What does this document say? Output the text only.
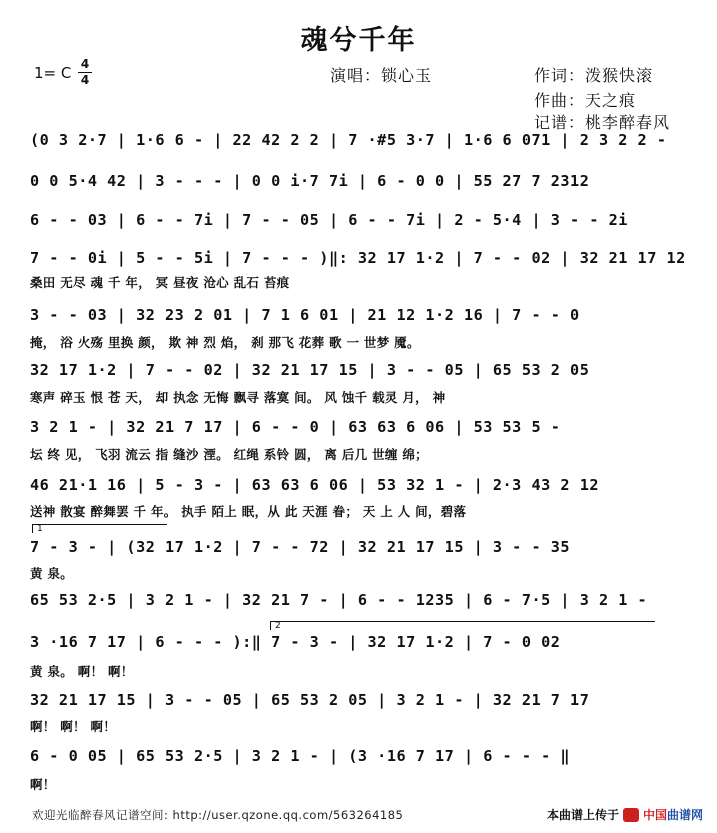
魂兮千年
1= C 4
4	演唱：锁心玉	作词：泼猴快滚
作曲：天之痕
记谱：桃李醉春风
(0 3 2·7 | 1·6 6 - | 22 42 2 2 | 7 ·#5 3·7 | 1·6 6 071 | 2 3 2 2 -
0 0 5·4 42 | 3 - - - | 0 0 i·7 7i | 6 - 0 0 | 55 27 7 2312
6 - - 03 | 6 - - 7i | 7 - - 05 | 6 - - 7i | 2 - 5·4 | 3 - - 2i
7 - - 0i | 5 - - 5i | 7 - - - )‖: 32 17 1·2 | 7 - - 02 | 32 21 17 12
桑田 无尽 魂 千 年， 冥 昼夜 沧心 乱石 苔痕
3 - - 03 | 32 23 2 01 | 7 1 6 01 | 21 12 1·2 16 | 7 - - 0
掩， 浴 火殇 里换 颜， 欺 神 烈 焰， 刹 那飞 花葬 歌 一 世梦 魇。
32 17 1·2 | 7 - - 02 | 32 21 17 15 | 3 - - 05 | 65 53 2 05
寒声 碎玉 恨 苍 天， 却 执念 无悔 飘寻 落寞 间。 风 蚀千 载灵 月， 神
3 2 1 - | 32 21 7 17 | 6 - - 0 | 63 63 6 06 | 53 53 5 -
坛 终 见， 飞羽 流云 指 缝沙 湮。 红绳 系铃 圆， 离 后几 世缠 绵；
46 21·1 16 | 5 - 3 - | 63 63 6 06 | 53 32 1 - | 2·3 43 2 12
送神 散宴 醉舞罢 千 年。 执手 陌上 眠，从 此 天涯 眷； 天 上 人 间，碧落
1
7 - 3 - | (32 17 1·2 | 7 - - 72 | 32 21 17 15 | 3 - - 35
黄 泉。
65 53 2·5 | 3 2 1 - | 32 21 7 - | 6 - - 1235 | 6 - 7·5 | 3 2 1 -
2
3 ·16 7 17 | 6 - - - ):‖ 7 - 3 - | 32 17 1·2 | 7 - 0 02
黄 泉。 啊！ 啊！
32 21 17 15 | 3 - - 05 | 65 53 2 05 | 3 2 1 - | 32 21 7 17
啊！ 啊！ 啊！
6 - 0 05 | 65 53 2·5 | 3 2 1 - | (3 ·16 7 17 | 6 - - - ‖
啊！
欢迎光临醉春风记谱空间: http://user.qzone.qq.com/563264185	本曲谱上传于 中国曲谱网
